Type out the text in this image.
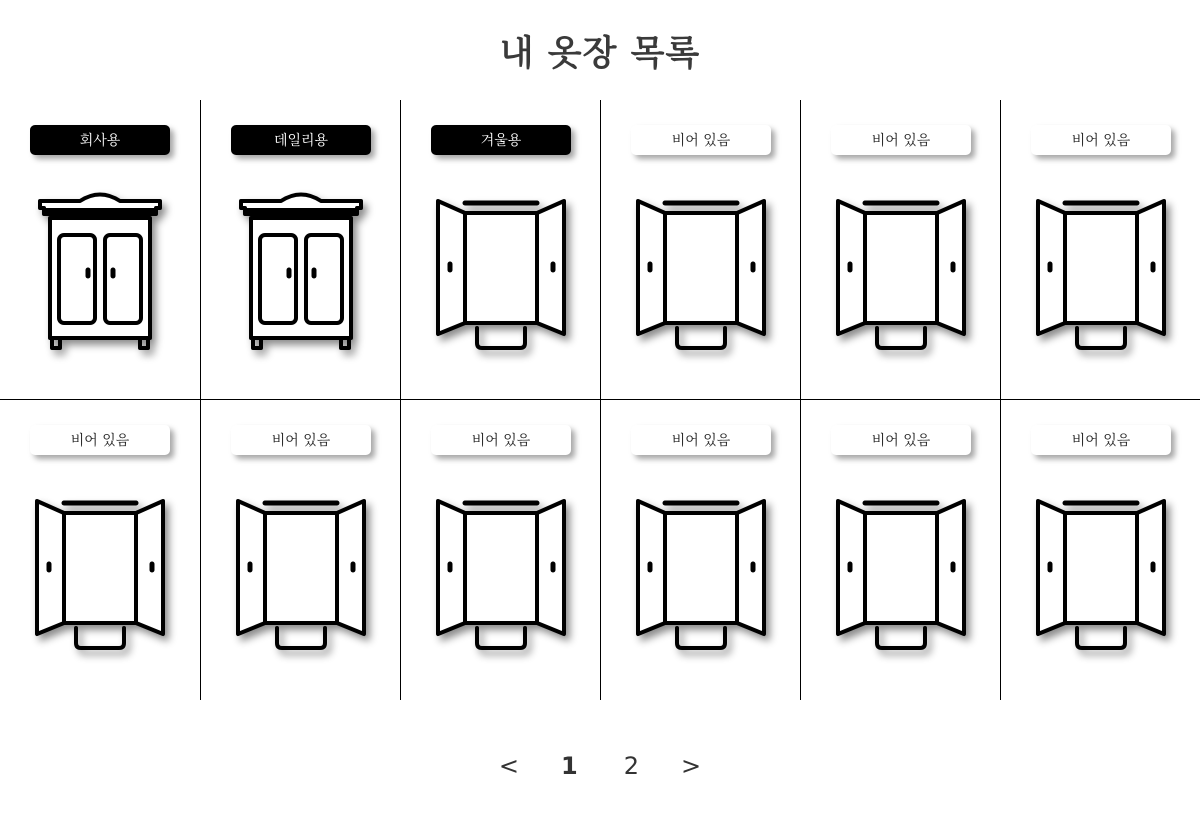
내 옷장 목록
회사용	데일리용	겨울용	비어 있음	비어 있음	비어 있음
비어 있음	비어 있음	비어 있음	비어 있음	비어 있음	비어 있음
< 1 2 >
